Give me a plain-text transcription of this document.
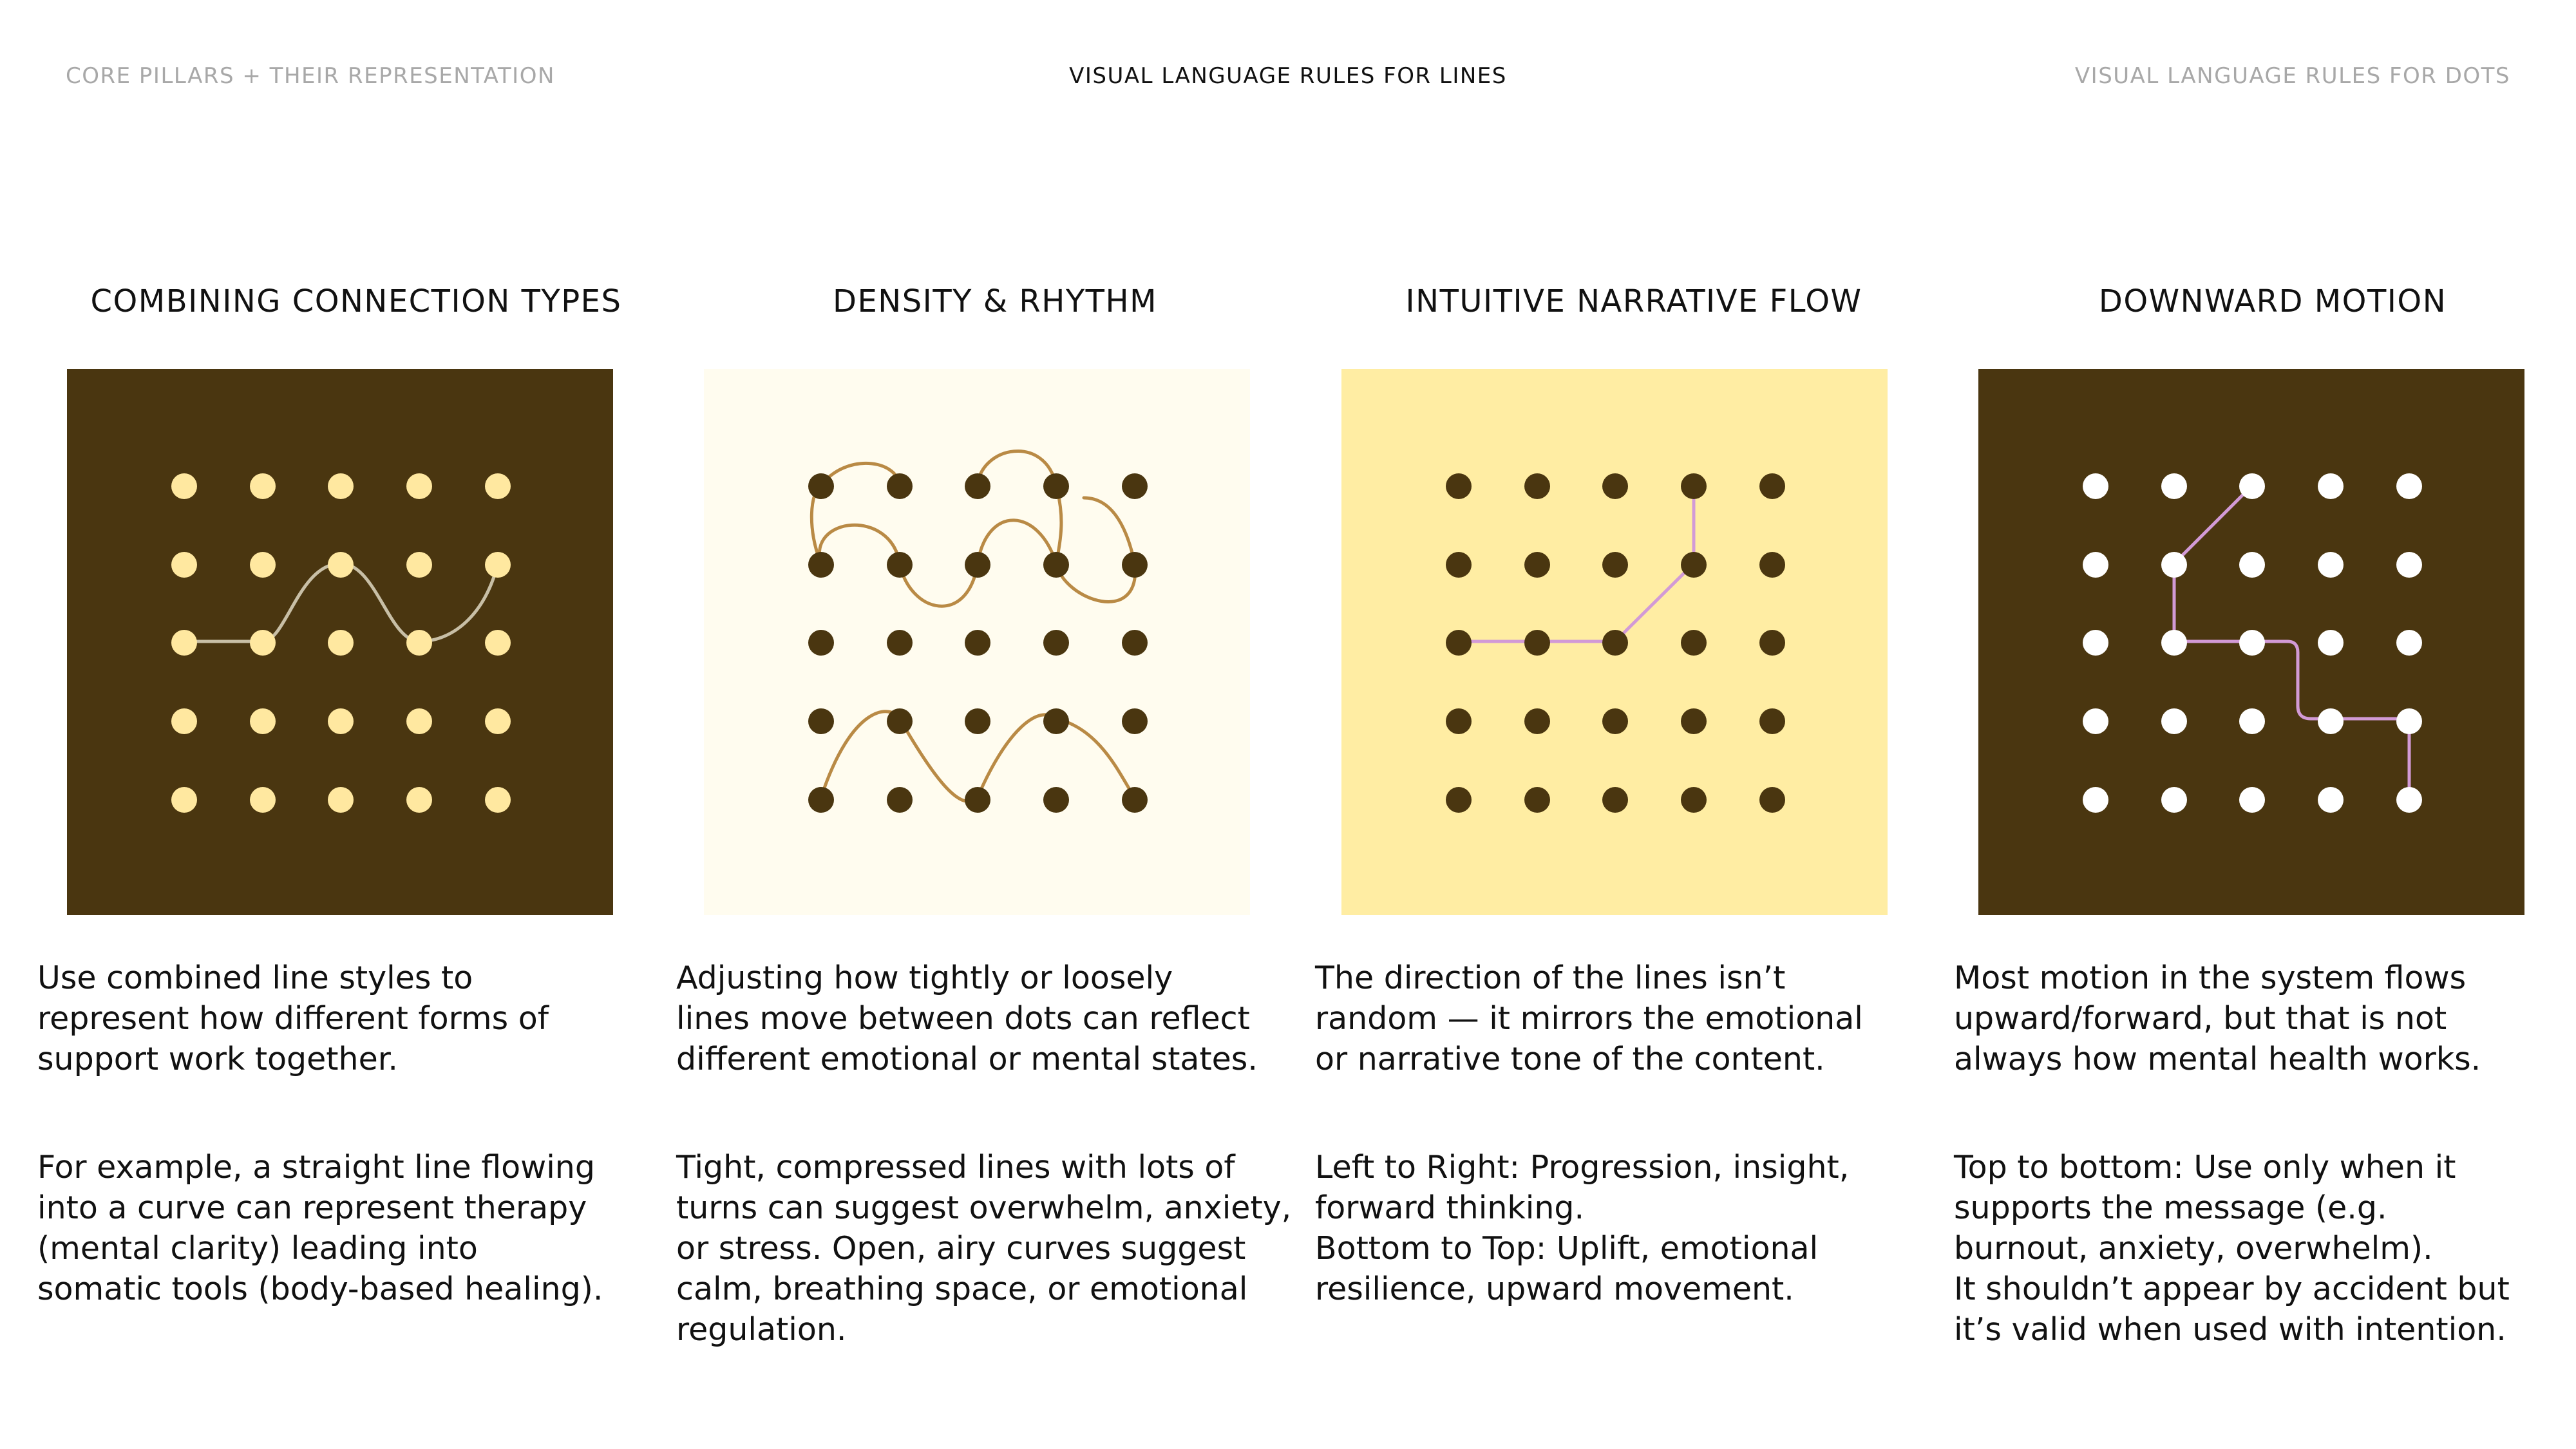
CORE PILLARS + THEIR REPRESENTATION	VISUAL LANGUAGE RULES FOR LINES	VISUAL LANGUAGE RULES FOR DOTS
COMBINING CONNECTION TYPES
Use combined line styles to
represent how different forms of
support work together.
For example, a straight line flowing
into a curve can represent therapy
(mental clarity) leading into
somatic tools (body-based healing).
DENSITY & RHYTHM
Adjusting how tightly or loosely
lines move between dots can reflect
different emotional or mental states.
Tight, compressed lines with lots of
turns can suggest overwhelm, anxiety,
or stress. Open, airy curves suggest
calm, breathing space, or emotional
regulation.
INTUITIVE NARRATIVE FLOW
The direction of the lines isn’t
random — it mirrors the emotional
or narrative tone of the content.
Left to Right: Progression, insight,
forward thinking.
Bottom to Top: Uplift, emotional
resilience, upward movement.
DOWNWARD MOTION
Most motion in the system flows
upward/forward, but that is not
always how mental health works.
Top to bottom: Use only when it
supports the message (e.g.
burnout, anxiety, overwhelm).
It shouldn’t appear by accident but
it’s valid when used with intention.
